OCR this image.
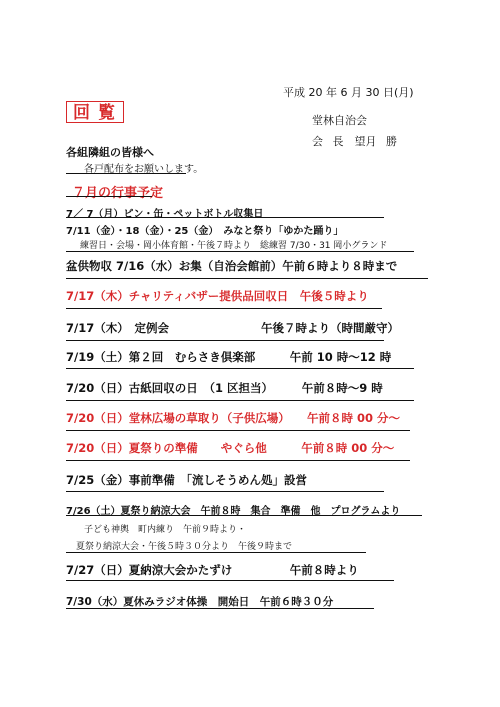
平成 20 年 6 月 30 日(月)
回覧	堂林自治会
会 長　望月 勝
各組隣組の皆様へ
各戸配布をお願いします。
７月の行事予定
7／ 7（月）ピン・缶・ペットボトル収集日
7/11（金）・18（金）・25（金）　みなと祭り「ゆかた踊り」
練習日・会場・岡小体育館・午後７時より　総練習 7/30・31 岡小グランド
盆供物収 7/16（水）お集（自治会館前）午前６時より８時まで
7/17（木）チャリティバザー提供品回収日　午後５時より
7/17（木）　定例会　　　　　　　　午後７時より（時間厳守）
7/19（土）第２回　むらさき倶楽部　　　午前 10 時～12 時
7/20（日）古紙回収の日　（1 区担当）　　　午前８時～9 時
7/20（日）堂林広場の草取り（子供広場）　　午前８時 00 分～
7/20（日）夏祭りの準備　　やぐら他　　　午前８時 00 分～
7/25（金）事前準備　「流しそうめん処」設営
7/26（土）夏祭り納涼大会　午前８時　集合　準備　他　プログラムより
子ども神輿　町内練り　午前９時より・
夏祭り納涼大会・午後５時３０分より　午後９時まで
7/27（日）夏納涼大会かたずけ　　　　　午前８時より
7/30（水）夏休みラジオ体操　開始日　午前６時３０分
